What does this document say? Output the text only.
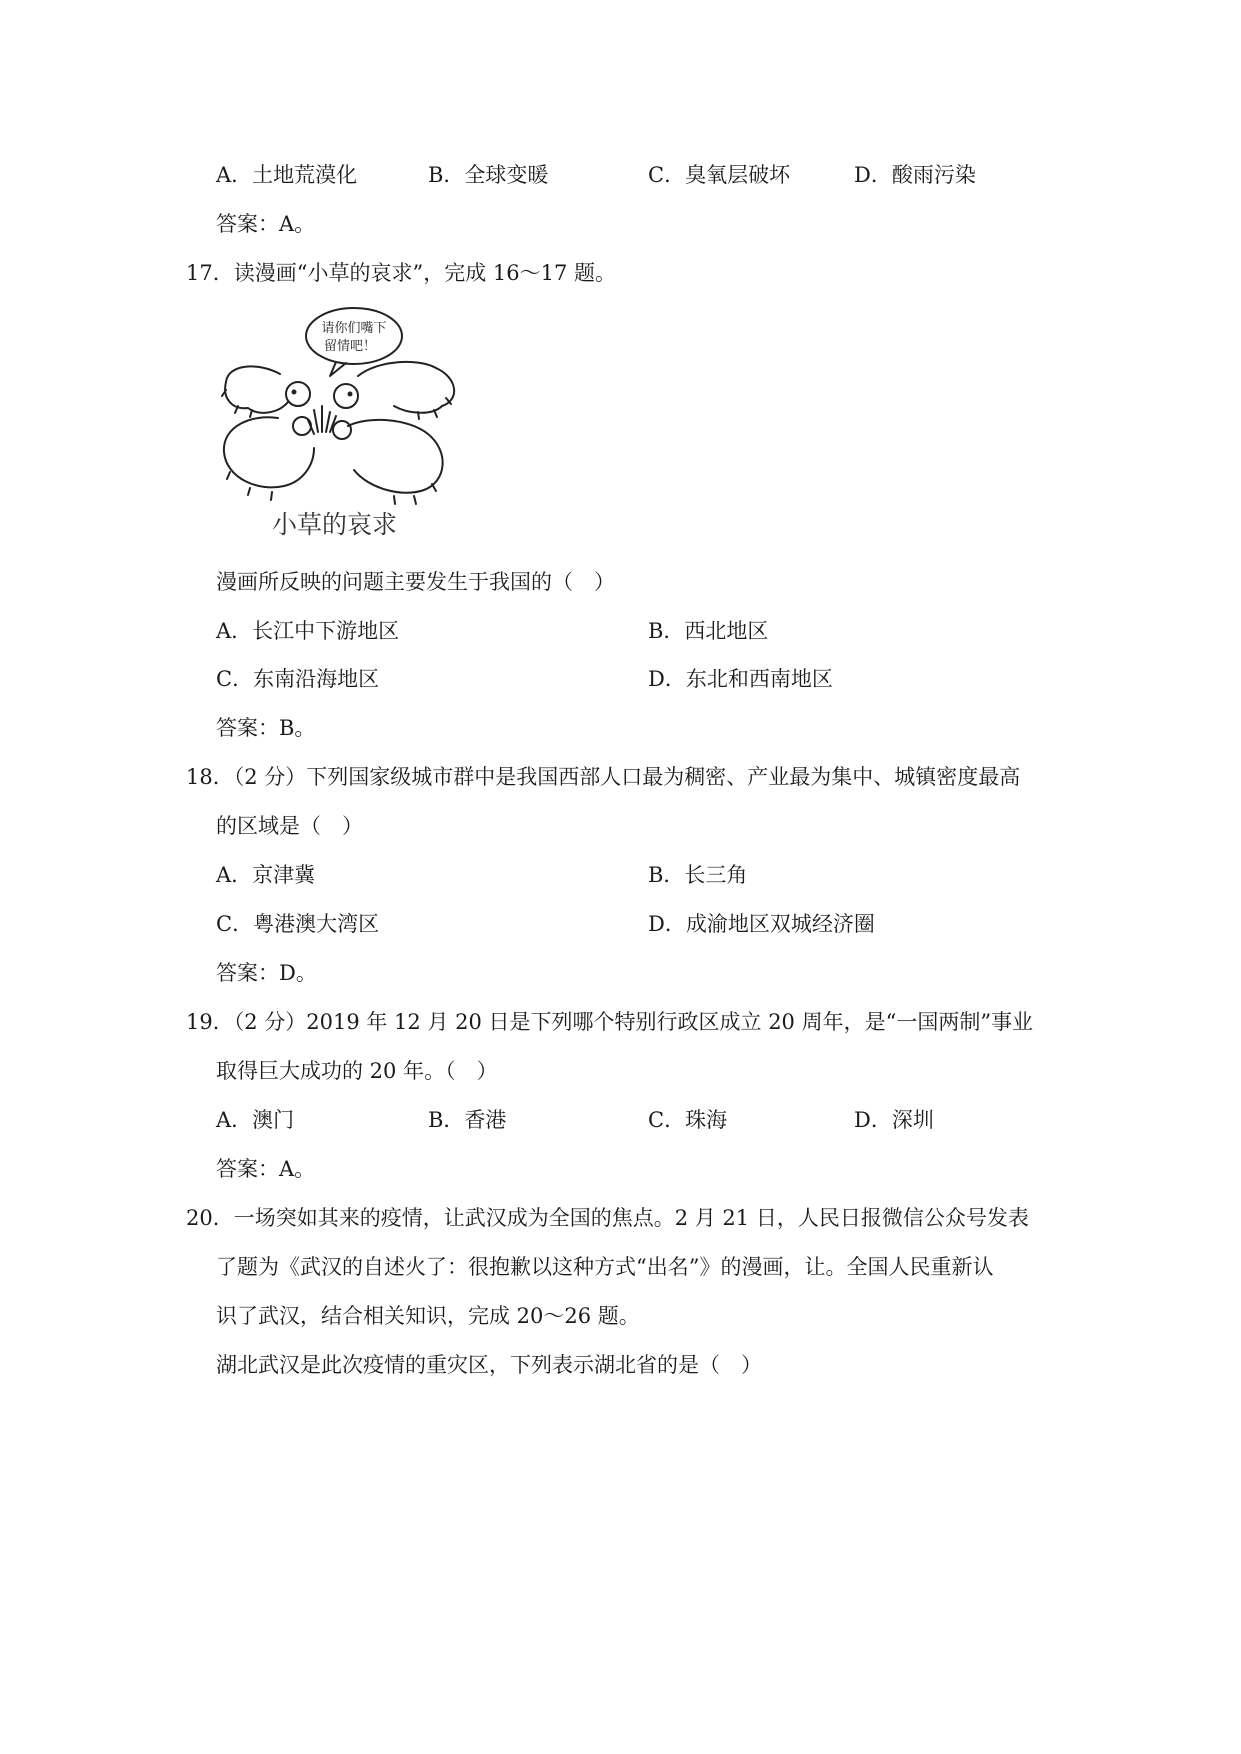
A．土地荒漠化	B．全球变暖	C．臭氧层破坏	D．酸雨污染
答案：A。
17．读漫画“小草的哀求”，完成 16～17 题。
请你们嘴下
留情吧！
小草的哀求
漫画所反映的问题主要发生于我国的（　）
A．长江中下游地区	B．西北地区
C．东南沿海地区	D．东北和西南地区
答案：B。
18．（2 分）下列国家级城市群中是我国西部人口最为稠密、产业最为集中、城镇密度最高
的区域是（　）
A．京津冀	B．长三角
C．粤港澳大湾区	D．成渝地区双城经济圈
答案：D。
19．（2 分）2019 年 12 月 20 日是下列哪个特别行政区成立 20 周年，是“一国两制”事业
取得巨大成功的 20 年。（　）
A．澳门	B．香港	C．珠海	D．深圳
答案：A。
20．一场突如其来的疫情，让武汉成为全国的焦点。2 月 21 日，人民日报微信公众号发表
了题为《武汉的自述火了：很抱歉以这种方式“出名”》的漫画，让。全国人民重新认
识了武汉，结合相关知识，完成 20～26 题。
湖北武汉是此次疫情的重灾区，下列表示湖北省的是（　）
